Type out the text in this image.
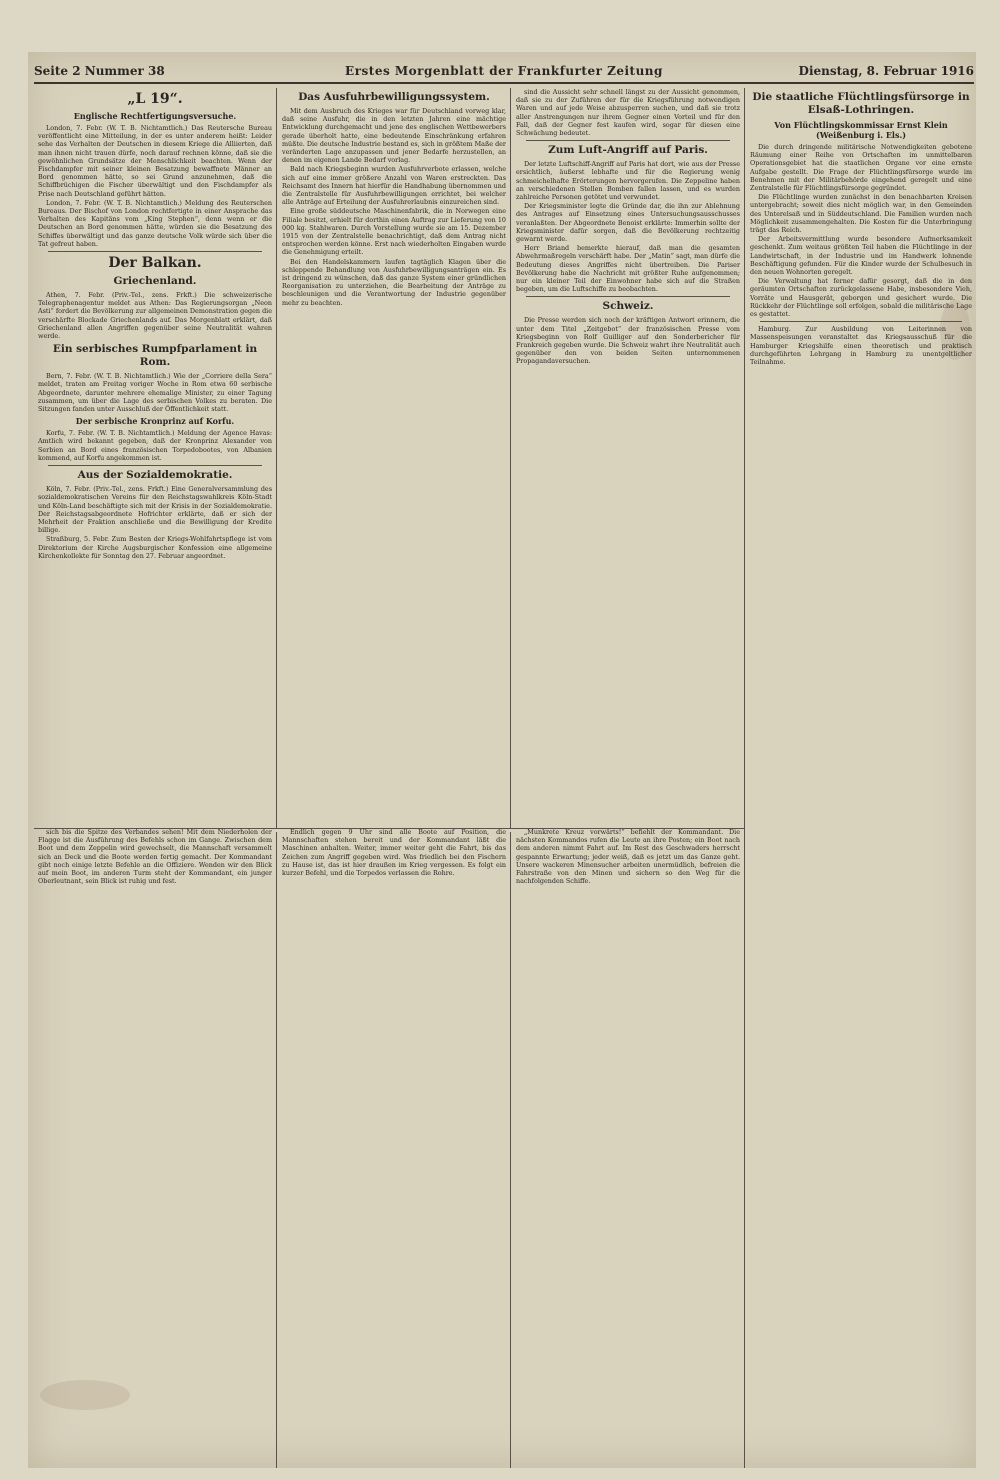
Seite 2 Nummer 38	Erstes Morgenblatt der Frankfurter Zeitung	Dienstag, 8. Februar 1916
„L 19“.
Englische Rechtfertigungsversuche.

London, 7. Febr. (W. T. B. Nichtamtlich.) Das Reutersche Bureau veröffentlicht eine Mitteilung, in der es unter anderem heißt: Leider sehe das Verhalten der Deutschen in diesem Kriege die Alliierten, daß man ihnen nicht trauen dürfe, noch darauf rechnen könne, daß sie die gewöhnlichen Grundsätze der Menschlichkeit beachten. Wenn der Fischdampfer mit seiner kleinen Besatzung bewaffnete Männer an Bord genommen hätte, so sei Grund anzunehmen, daß die Schiffbrüchigen die Fischer überwältigt und den Fischdampfer als Prise nach Deutschland geführt hätten.

London, 7. Febr. (W. T. B. Nichtamtlich.) Meldung des Reuterschen Bureaus. Der Bischof von London rechtfertigte in einer Ansprache das Verhalten des Kapitäns vom „King Stephen“, denn wenn er die Deutschen an Bord genommen hätte, würden sie die Besatzung des Schiffes überwältigt und das ganze deutsche Volk würde sich über die Tat gefreut haben.

Der Balkan.
Griechenland.

Athen, 7. Febr. (Priv.-Tel., zens. Frkft.) Die schweizerische Telegraphenagentur meldet aus Athen: Das Regierungsorgan „Neon Asti“ fordert die Bevölkerung zur allgemeinen Demonstration gegen die verschärfte Blockade Griechenlands auf. Das Morgenblatt erklärt, daß Griechenland allen Angriffen gegenüber seine Neutralität wahren werde.

Ein serbisches Rumpfparlament in Rom.

Bern, 7. Febr. (W. T. B. Nichtamtlich.) Wie der „Corriere della Sera“ meldet, traten am Freitag voriger Woche in Rom etwa 60 serbische Abgeordnete, darunter mehrere ehemalige Minister, zu einer Tagung zusammen, um über die Lage des serbischen Volkes zu beraten. Die Sitzungen fanden unter Ausschluß der Öffentlichkeit statt.

Der serbische Kronprinz auf Korfu.

Korfu, 7. Febr. (W. T. B. Nichtamtlich.) Meldung der Agence Havas: Amtlich wird bekannt gegeben, daß der Kronprinz Alexander von Serbien an Bord eines französischen Torpedobootes, von Albanien kommend, auf Korfu angekommen ist.

Aus der Sozialdemokratie.

Köln, 7. Febr. (Priv.-Tel., zens. Frkft.) Eine Generalversammlung des sozialdemokratischen Vereins für den Reichstagswahlkreis Köln-Stadt und Köln-Land beschäftigte sich mit der Krisis in der Sozialdemokratie. Der Reichstagsabgeordnete Hofrichter erklärte, daß er sich der Mehrheit der Fraktion anschließe und die Bewilligung der Kredite billige.

Straßburg, 5. Febr. Zum Besten der Kriegs-Wohlfahrtspflege ist vom Direktorium der Kirche Augsburgischer Konfession eine allgemeine Kirchenkollekte für Sonntag den 27. Februar angeordnet.

Das Ausfuhrbewilligungssystem.

Mit dem Ausbruch des Krieges war für Deutschland vorweg klar, daß seine Ausfuhr, die in den letzten Jahren eine mächtige Entwicklung durchgemacht und jene des englischen Wettbewerbers gerade überholt hatte, eine bedeutende Einschränkung erfahren müßte. Die deutsche Industrie bestand es, sich in größtem Maße der veränderten Lage anzupassen und jener Bedarfe herzustellen, an denen im eigenen Lande Bedarf vorlag.

Bald nach Kriegsbeginn wurden Ausfuhrverbote erlassen, welche sich auf eine immer größere Anzahl von Waren erstreckten. Das Reichsamt des Innern hat hierfür die Handhabung übernommen und die Zentralstelle für Ausfuhrbewilligungen errichtet, bei welcher alle Anträge auf Erteilung der Ausfuhrerlaubnis einzureichen sind.

Eine große süddeutsche Maschinenfabrik, die in Norwegen eine Filiale besitzt, erhielt für dorthin einen Auftrag zur Lieferung von 10 000 kg. Stahlwaren. Durch Vorstellung wurde sie am 15. Dezember 1915 von der Zentralstelle benachrichtigt, daß dem Antrag nicht entsprochen werden könne. Erst nach wiederholten Eingaben wurde die Genehmigung erteilt.

Bei den Handelskammern laufen tagtäglich Klagen über die schleppende Behandlung von Ausfuhrbewilligungsanträgen ein. Es ist dringend zu wünschen, daß das ganze System einer gründlichen Reorganisation zu unterziehen, die Bearbeitung der Anträge zu beschleunigen und die Verantwortung der Industrie gegenüber mehr zu beachten.

sind die Aussicht sehr schnell längst zu der Aussicht genommen, daß sie zu der Zuführen der für die Kriegsführung notwendigen Waren und auf jede Weise abzusperren suchen, und daß sie trotz aller Anstrengungen nur ihrem Gegner einen Vorteil und für den Fall, daß der Gegner fest kaufen wird, sogar für diesen eine Schwächung bedeutet.

Zum Luft-Angriff auf Paris.

Der letzte Luftschiff-Angriff auf Paris hat dort, wie aus der Presse ersichtlich, äußerst lebhafte und für die Regierung wenig schmeichelhafte Erörterungen hervorgerufen. Die Zeppeline haben an verschiedenen Stellen Bomben fallen lassen, und es wurden zahlreiche Personen getötet und verwundet.

Der Kriegsminister legte die Gründe dar, die ihn zur Ablehnung des Antrages auf Einsetzung eines Untersuchungsausschusses veranlaßten. Der Abgeordnete Benoist erklärte: Immerhin sollte der Kriegsminister dafür sorgen, daß die Bevölkerung rechtzeitig gewarnt werde.

Herr Briand bemerkte hierauf, daß man die gesamten Abwehrmaßregeln verschärft habe. Der „Matin“ sagt, man dürfe die Bedeutung dieses Angriffes nicht übertreiben. Die Pariser Bevölkerung habe die Nachricht mit größter Ruhe aufgenommen; nur ein kleiner Teil der Einwohner habe sich auf die Straßen begeben, um die Luftschiffe zu beobachten.

Schweiz.

Die Presse werden sich noch der kräftigen Antwort erinnern, die unter dem Titel „Zeitgebot“ der französischen Presse vom Kriegsbeginn von Rolf Guilliger auf den Sonderbericher für Frankreich gegeben wurde. Die Schweiz wahrt ihre Neutralität auch gegenüber den von beiden Seiten unternommenen Propagandaversuchen.

Die staatliche Flüchtlingsfürsorge in Elsaß-Lothringen.
Von Flüchtlingskommissar Ernst Klein (Weißenburg i. Els.)

Die durch dringende militärische Notwendigkeiten gebotene Räumung einer Reihe von Ortschaften im unmittelbaren Operationsgebiet hat die staatlichen Organe vor eine ernste Aufgabe gestellt. Die Frage der Flüchtlingsfürsorge wurde im Benehmen mit der Militärbehörde eingehend geregelt und eine Zentralstelle für Flüchtlingsfürsorge gegründet.

Die Flüchtlinge wurden zunächst in den benachbarten Kreisen untergebracht; soweit dies nicht möglich war, in den Gemeinden des Unterelsaß und in Süddeutschland. Die Familien wurden nach Möglichkeit zusammengehalten. Die Kosten für die Unterbringung trägt das Reich.

Der Arbeitsvermittlung wurde besondere Aufmerksamkeit geschenkt. Zum weitaus größten Teil haben die Flüchtlinge in der Landwirtschaft, in der Industrie und im Handwerk lohnende Beschäftigung gefunden. Für die Kinder wurde der Schulbesuch in den neuen Wohnorten geregelt.

Die Verwaltung hat ferner dafür gesorgt, daß die in den geräumten Ortschaften zurückgelassene Habe, insbesondere Vieh, Vorräte und Hausgerät, geborgen und gesichert wurde. Die Rückkehr der Flüchtlinge soll erfolgen, sobald die militärische Lage es gestattet.

Hamburg. Zur Ausbildung von Leiterinnen von Massenspeisungen veranstaltet das Kriegsausschuß für die Hamburger Kriegshilfe einen theoretisch und praktisch durchgeführten Lehrgang in Hamburg zu unentgeltlicher Teilnahme.

sich bis die Spitze des Verbandes sehen! Mit dem Niederholen der Flagge ist die Ausführung des Befehls schon im Gange. Zwischen dem Boot und dem Zeppelin wird gewechselt, die Mannschaft versammelt sich an Deck und die Boote werden fertig gemacht. Der Kommandant gibt noch einige letzte Befehle an die Offiziere. Wenden wir den Blick auf mein Boot, im anderen Turm steht der Kommandant, ein junger Oberleutnant, sein Blick ist ruhig und fest.

Endlich gegen 9 Uhr sind alle Boote auf Position, die Mannschaften stehen bereit und der Kommandant läßt die Maschinen anhalten. Weiter, immer weiter geht die Fahrt, bis das Zeichen zum Angriff gegeben wird. Was friedlich bei den Fischern zu Hause ist, das ist hier draußen im Krieg vergessen. Es folgt ein kurzer Befehl, und die Torpedos verlassen die Rohre.

„Munkrete Kreuz vorwärts!“ befiehlt der Kommandant. Die nächsten Kommandos rufen die Leute an ihre Posten; ein Boot nach dem anderen nimmt Fahrt auf. Im Rest des Geschwaders herrscht gespannte Erwartung; jeder weiß, daß es jetzt um das Ganze geht. Unsere wackeren Minensucher arbeiten unermüdlich, befreien die Fahrstraße von den Minen und sichern so den Weg für die nachfolgenden Schiffe.
